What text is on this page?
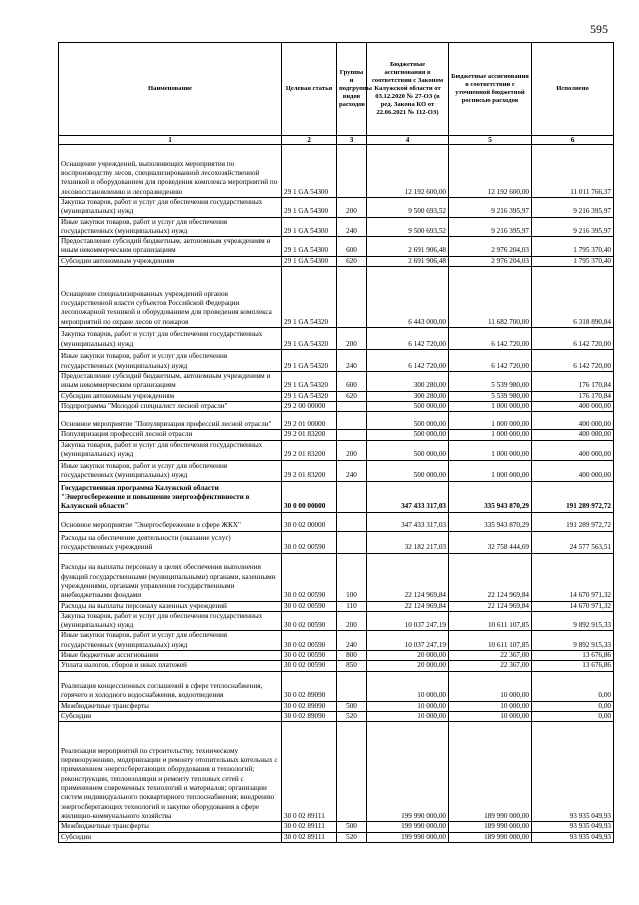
595
Наименование	Целевая статья	Группы и подгруппы видов расходов	Бюджетные ассигнования в соответствии с Законом Калужской области от 03.12.2020 № 27-ОЗ (в ред. Закона КО от 22.06.2021 № 112-ОЗ)	Бюджетные ассигнования в соответствии с уточненной бюджетной росписью расходов	Исполнено
1	2	3	4	5	6
Оснащение учреждений, выполняющих мероприятия по воспроизводству лесов, специализированной лесохозяйственной техникой и оборудованием для проведения комплекса мероприятий по лесовосстановлению и лесоразведению	29 1 GA 54300		12 192 600,00	12 192 600,00	11 011 766,37
Закупка товаров, работ и услуг для обеспечения государственных (муниципальных) нужд	29 1 GA 54300	200	9 500 693,52	9 216 395,97	9 216 395,97
Иные закупки товаров, работ и услуг для обеспечения государственных (муниципальных) нужд	29 1 GA 54300	240	9 500 693,52	9 216 395,97	9 216 395,97
Предоставление субсидий бюджетным, автономным учреждениям и иным некоммерческим организациям	29 1 GA 54300	600	2 691 906,48	2 976 204,03	1 795 370,40
Субсидии автономным учреждениям	29 1 GA 54300	620	2 691 906,48	2 976 204,03	1 795 370,40
Оснащение специализированных учреждений органов государственной власти субъектов Российской Федерации лесопожарной техникой и оборудованием для проведения комплекса мероприятий по охране лесов от пожаров	29 1 GA 54320		6 443 000,00	11 682 700,00	6 318 890,84
Закупка товаров, работ и услуг для обеспечения государственных (муниципальных) нужд	29 1 GA 54320	200	6 142 720,00	6 142 720,00	6 142 720,00
Иные закупки товаров, работ и услуг для обеспечения государственных (муниципальных) нужд	29 1 GA 54320	240	6 142 720,00	6 142 720,00	6 142 720,00
Предоставление субсидий бюджетным, автономным учреждениям и иным некоммерческим организациям	29 1 GA 54320	600	300 280,00	5 539 980,00	176 170,84
Субсидии автономным учреждениям	29 1 GA 54320	620	300 280,00	5 539 980,00	176 170,84
Подпрограмма "Молодой специалист лесной отрасли"	29 2 00 00000		500 000,00	1 000 000,00	400 000,00
Основное мероприятие "Популяризация профессий лесной отрасли"	29 2 01 00000		500 000,00	1 000 000,00	400 000,00
Популяризация профессий лесной отрасли	29 2 01 83200		500 000,00	1 000 000,00	400 000,00
Закупка товаров, работ и услуг для обеспечения государственных (муниципальных) нужд	29 2 01 83200	200	500 000,00	1 000 000,00	400 000,00
Иные закупки товаров, работ и услуг для обеспечения государственных (муниципальных) нужд	29 2 01 83200	240	500 000,00	1 000 000,00	400 000,00
Государственная программа Калужской области "Энергосбережение и повышение энергоэффективности в Калужской области"	30 0 00 00000		347 433 317,03	335 943 870,29	191 289 972,72
Основное мероприятие "Энергосбережение в сфере ЖКХ"	30 0 02 00000		347 433 317,03	335 943 870,29	191 289 972,72
Расходы на обеспечение деятельности (оказание услуг) государственных учреждений	30 0 02 00590		32 182 217,03	32 758 444,69	24 577 563,51
Расходы на выплаты персоналу в целях обеспечения выполнения функций государственными (муниципальными) органами, казенными учреждениями, органами управления государственными внебюджетными фондами	30 0 02 00590	100	22 124 969,84	22 124 969,84	14 670 971,32
Расходы на выплаты персоналу казенных учреждений	30 0 02 00590	110	22 124 969,84	22 124 969,84	14 670 971,32
Закупка товаров, работ и услуг для обеспечения государственных (муниципальных) нужд	30 0 02 00590	200	10 037 247,19	10 611 107,85	9 892 915,33
Иные закупки товаров, работ и услуг для обеспечения государственных (муниципальных) нужд	30 0 02 00590	240	10 037 247,19	10 611 107,85	9 892 915,33
Иные бюджетные ассигнования	30 0 02 00590	800	20 000,00	22 367,00	13 676,86
Уплата налогов, сборов и иных платежей	30 0 02 00590	850	20 000,00	22 367,00	13 676,86
Реализация концессионных соглашений в сфере теплоснабжения, горячего и холодного водоснабжения, водоотведения	30 0 02 89090		10 000,00	10 000,00	0,00
Межбюджетные трансферты	30 0 02 89090	500	10 000,00	10 000,00	0,00
Субсидии	30 0 02 89090	520	10 000,00	10 000,00	0,00
Реализация мероприятий по строительству, техническому перевооружению, модернизации и ремонту отопительных котельных с применением энергосберегающих оборудования и технологий; реконструкции, теплоизоляции и ремонту тепловых сетей с применением современных технологий и материалов; организации систем индивидуального поквартирного теплоснабжения; внедрению энергосберегающих технологий и закупке оборудования в сфере жилищно-коммунального хозяйства	30 0 02 89111		199 990 000,00	189 990 000,00	93 935 049,93
Межбюджетные трансферты	30 0 02 89111	500	199 990 000,00	189 990 000,00	93 935 049,93
Субсидии	30 0 02 89111	520	199 990 000,00	189 990 000,00	93 935 049,93
